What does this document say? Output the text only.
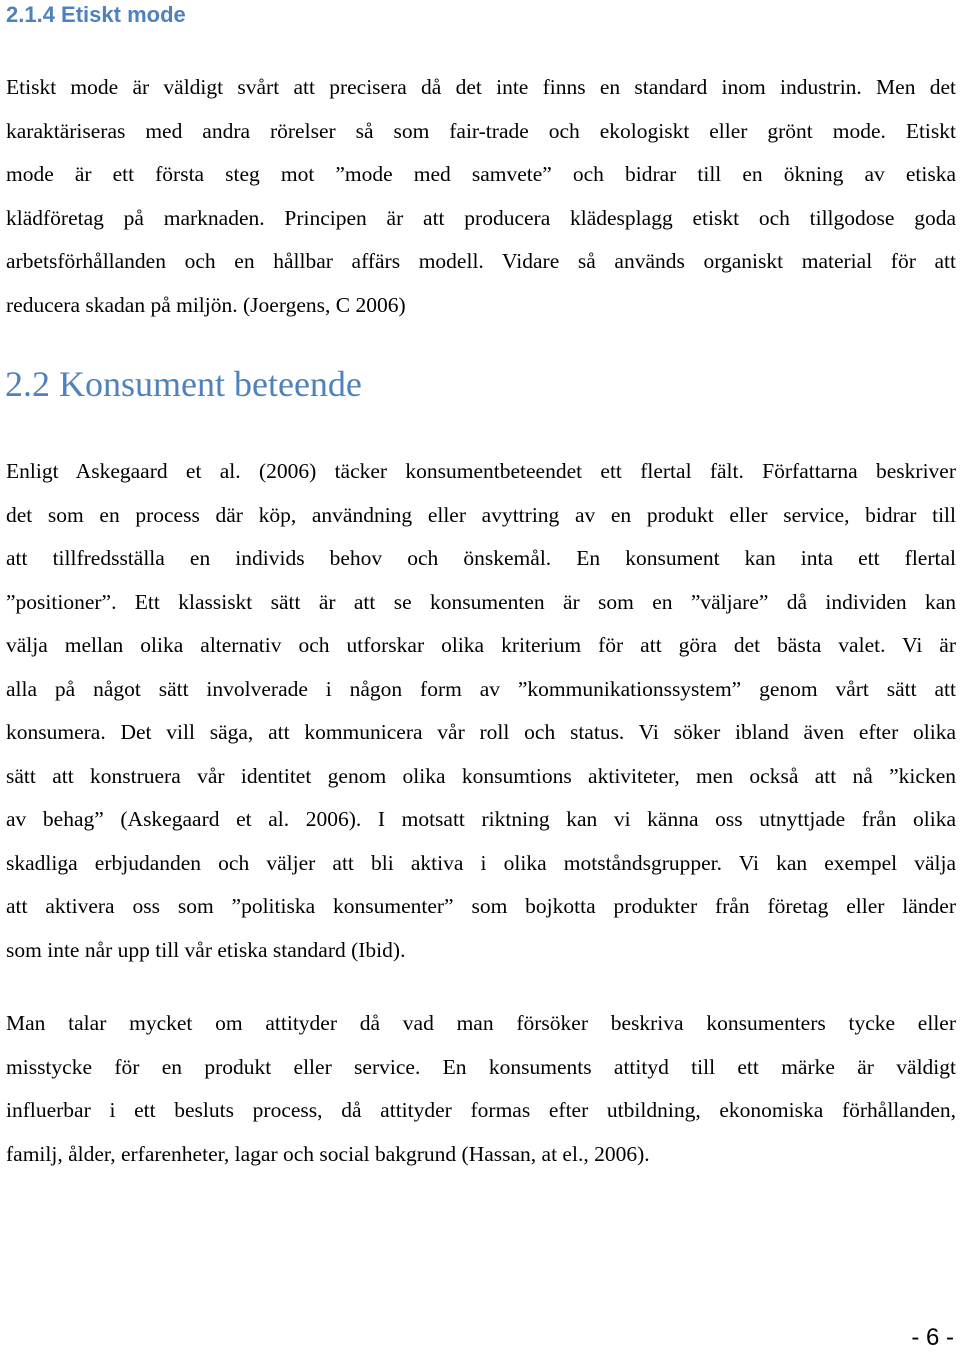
2.1.4 Etiskt mode
Etiskt mode är väldigt svårt att precisera då det inte finns en standard inom industrin. Men det
karaktäriseras med andra rörelser så som fair-trade och ekologiskt eller grönt mode. Etiskt
mode är ett första steg mot ”mode med samvete” och bidrar till en ökning av etiska
klädföretag på marknaden. Principen är att producera klädesplagg etiskt och tillgodose goda
arbetsförhållanden och en hållbar affärs modell. Vidare så används organiskt material för att
reducera skadan på miljön. (Joergens, C 2006)
2.2 Konsument beteende
Enligt Askegaard et al. (2006) täcker konsumentbeteendet ett flertal fält. Författarna beskriver
det som en process där köp, användning eller avyttring av en produkt eller service, bidrar till
att tillfredsställa en individs behov och önskemål. En konsument kan inta ett flertal
”positioner”. Ett klassiskt sätt är att se konsumenten är som en ”väljare” då individen kan
välja mellan olika alternativ och utforskar olika kriterium för att göra det bästa valet. Vi är
alla på något sätt involverade i någon form av ”kommunikationssystem” genom vårt sätt att
konsumera. Det vill säga, att kommunicera vår roll och status. Vi söker ibland även efter olika
sätt att konstruera vår identitet genom olika konsumtions aktiviteter, men också att nå ”kicken
av behag” (Askegaard et al. 2006). I motsatt riktning kan vi känna oss utnyttjade från olika
skadliga erbjudanden och väljer att bli aktiva i olika motståndsgrupper. Vi kan exempel välja
att aktivera oss som ”politiska konsumenter” som bojkotta produkter från företag eller länder
som inte når upp till vår etiska standard (Ibid).
Man talar mycket om attityder då vad man försöker beskriva konsumenters tycke eller
misstycke för en produkt eller service. En konsuments attityd till ett märke är väldigt
influerbar i ett besluts process, då attityder formas efter utbildning, ekonomiska förhållanden,
familj, ålder, erfarenheter, lagar och social bakgrund (Hassan, at el., 2006).
- 6 -
